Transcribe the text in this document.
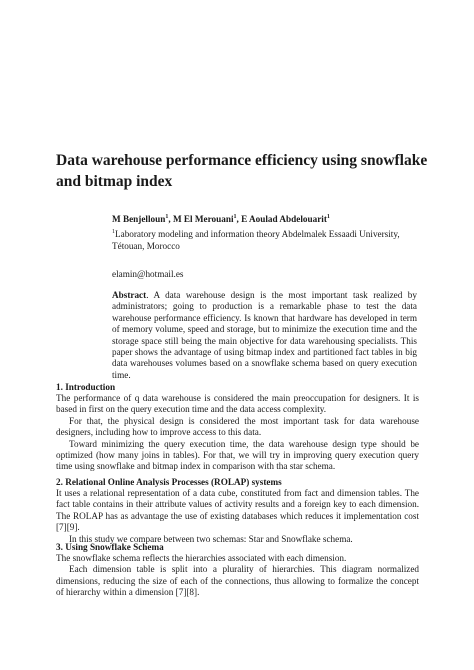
Data warehouse performance efficiency using snowflake and bitmap index
M Benjelloun$^1$, M El Merouani$^1$, E Aoulad Abdelouarit$^1$
$^1$Laboratory modeling and information theory Abdelmalek Essaadi University,
Tétouan, Morocco
elamin@hotmail.es

Abstract. A data warehouse design is the most important task realized by administrators; going to production is a remarkable phase to test the data warehouse performance efficiency. Is known that hardware has developed in term of memory volume, speed and storage, but to minimize the execution time and the storage space still being the main objective for data warehousing specialists. This paper shows the advantage of using bitmap index and partitioned fact tables in big data warehouses volumes based on a snowflake schema based on query execution time.

1. Introduction

The performance of q data warehouse is considered the main preoccupation for designers. It is based in first on the query execution time and the data access complexity.

For that, the physical design is considered the most important task for data warehouse designers, including how to improve access to this data.

Toward minimizing the query execution time, the data warehouse design type should be optimized (how many joins in tables). For that, we will try in improving query execution query time using snowflake and bitmap index in comparison with tha star schema.

2. Relational Online Analysis Processes (ROLAP) systems

It uses a relational representation of a data cube, constituted from fact and dimension tables. The fact table contains in their attribute values of activity results and a foreign key to each dimension. The ROLAP has as advantage the use of existing databases which reduces it implementation cost [7][9].

In this study we compare between two schemas: Star and Snowflake schema.

3. Using Snowflake Schema

The snowflake schema reflects the hierarchies associated with each dimension.

Each dimension table is split into a plurality of hierarchies. This diagram normalized dimensions, reducing the size of each of the connections, thus allowing to formalize the concept of hierarchy within a dimension [7][8].
